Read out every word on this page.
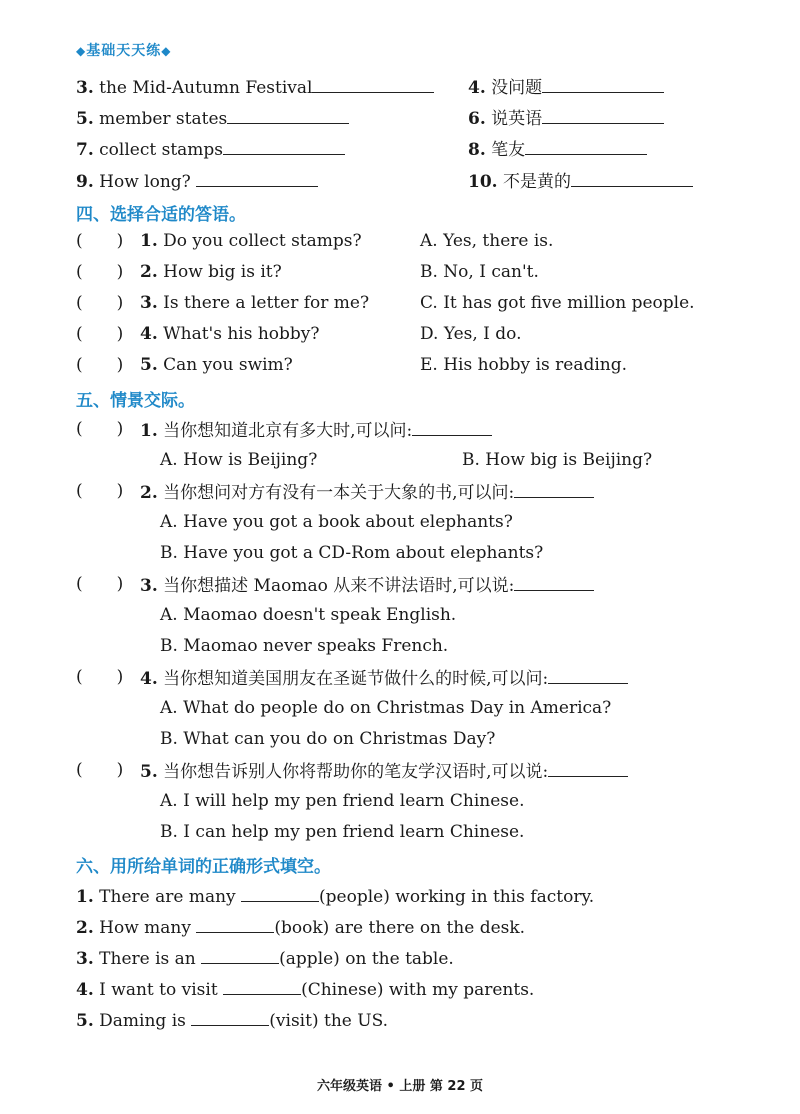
◆基础天天练◆
3. the Mid-Autumn Festival	4. 没问题
5. member states	6. 说英语
7. collect stamps	8. 笔友
9. How long?	10. 不是黄的
四、选择合适的答语。
(　　) 1. Do you collect stamps?	A. Yes, there is.
(　　) 2. How big is it?	B. No, I can't.
(　　) 3. Is there a letter for me?	C. It has got five million people.
(　　) 4. What's his hobby?	D. Yes, I do.
(　　) 5. Can you swim?	E. His hobby is reading.
五、情景交际。
(　　) 1. 当你想知道北京有多大时,可以问:
A. How is Beijing?	B. How big is Beijing?
(　　) 2. 当你想问对方有没有一本关于大象的书,可以问:
A. Have you got a book about elephants?
B. Have you got a CD-Rom about elephants?
(　　) 3. 当你想描述 Maomao 从来不讲法语时,可以说:
A. Maomao doesn't speak English.
B. Maomao never speaks French.
(　　) 4. 当你想知道美国朋友在圣诞节做什么的时候,可以问:
A. What do people do on Christmas Day in America?
B. What can you do on Christmas Day?
(　　) 5. 当你想告诉别人你将帮助你的笔友学汉语时,可以说:
A. I will help my pen friend learn Chinese.
B. I can help my pen friend learn Chinese.
六、用所给单词的正确形式填空。
1. There are many	(people) working in this factory.
2. How many	(book) are there on the desk.
3. There is an	(apple) on the table.
4. I want to visit	(Chinese) with my parents.
5. Daming is	(visit) the US.
六年级英语 • 上册 第 22 页
